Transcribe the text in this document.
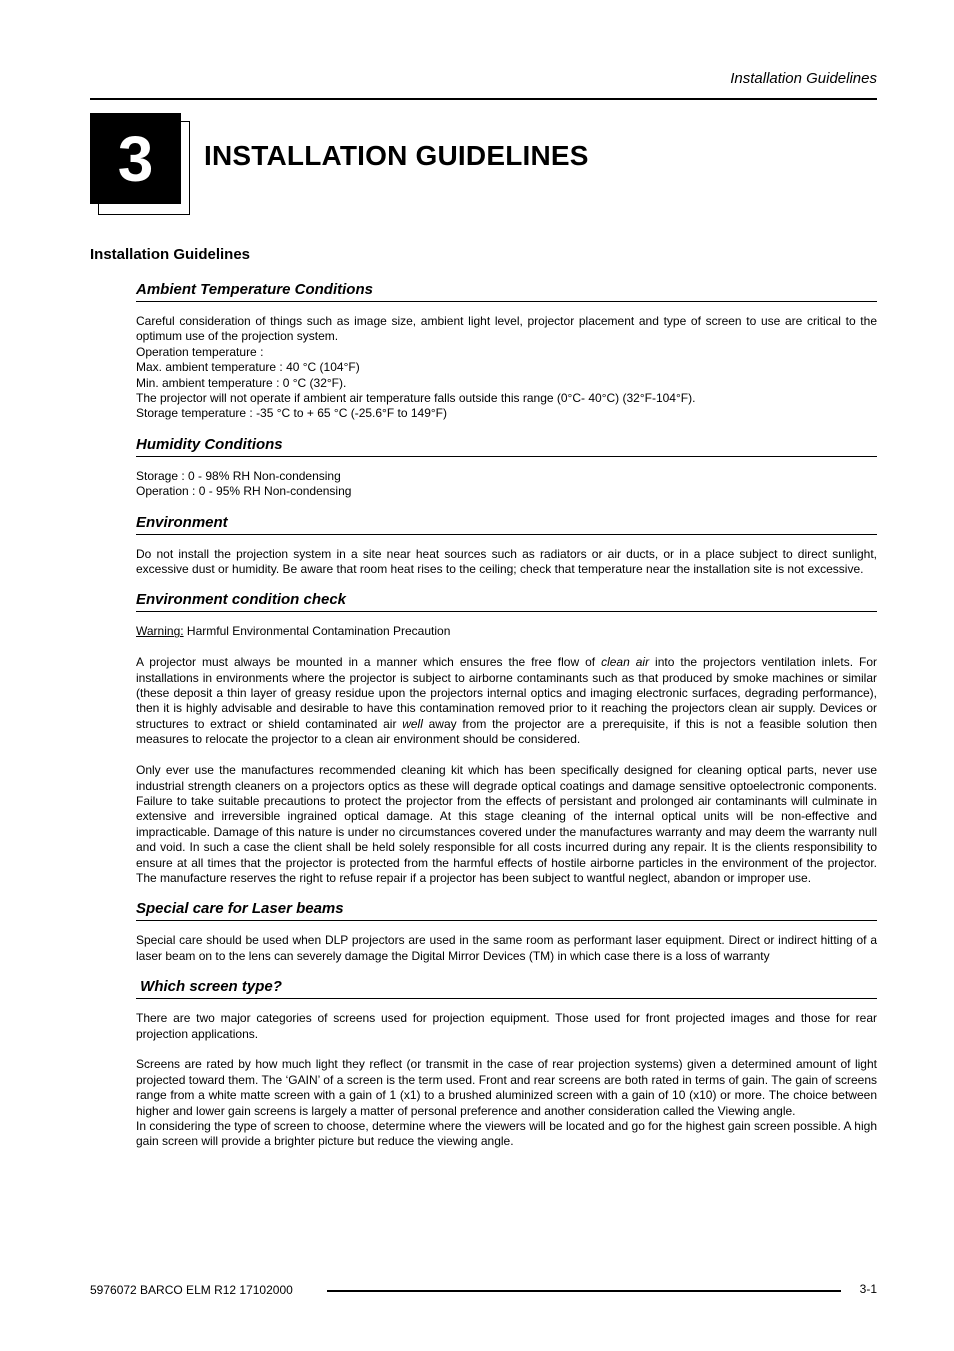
Installation Guidelines
3	INSTALLATION GUIDELINES
Installation Guidelines
Ambient Temperature Conditions

Careful consideration of things such as image size, ambient light level, projector placement and type of screen to use are critical to the optimum use of the projection system.

Operation temperature :

Max. ambient temperature : 40 °C (104°F)

Min. ambient temperature : 0 °C (32°F).

The projector will not operate if ambient air temperature falls outside this range (0°C- 40°C) (32°F-104°F).

Storage temperature : -35 °C to + 65 °C (-25.6°F to 149°F)

Humidity Conditions

Storage : 0 - 98% RH Non-condensing

Operation : 0 - 95% RH Non-condensing

Environment

Do not install the projection system in a site near heat sources such as radiators or air ducts, or in a place subject to direct sunlight, excessive dust or humidity. Be aware that room heat rises to the ceiling; check that temperature near the installation site is not excessive.

Environment condition check

Warning: Harmful Environmental Contamination Precaution

A projector must always be mounted in a manner which ensures the free flow of clean air into the projectors ventilation inlets. For installations in environments where the projector is subject to airborne contaminants such as that produced by smoke machines or similar (these deposit a thin layer of greasy residue upon the projectors internal optics and imaging electronic surfaces, degrading performance), then it is highly advisable and desirable to have this contamination removed prior to it reaching the projectors clean air supply. Devices or structures to extract or shield contaminated air well away from the projector are a prerequisite, if this is not a feasible solution then measures to relocate the projector to a clean air environment should be considered.

Only ever use the manufactures recommended cleaning kit which has been specifically designed for cleaning optical parts, never use industrial strength cleaners on a projectors optics as these will degrade optical coatings and damage sensitive optoelectronic components. Failure to take suitable precautions to protect the projector from the effects of persistant and prolonged air contaminants will culminate in extensive and irreversible ingrained optical damage. At this stage cleaning of the internal optical units will be non-effective and impracticable. Damage of this nature is under no circumstances covered under the manufactures warranty and may deem the warranty null and void. In such a case the client shall be held solely responsible for all costs incurred during any repair. It is the clients responsibility to ensure at all times that the projector is protected from the harmful effects of hostile airborne particles in the environment of the projector. The manufacture reserves the right to refuse repair if a projector has been subject to wantful neglect, abandon or improper use.

Special care for Laser beams

Special care should be used when DLP projectors are used in the same room as performant laser equipment. Direct or indirect hitting of a laser beam on to the lens can severely damage the Digital Mirror Devices (TM) in which case there is a loss of warranty

Which screen type?

There are two major categories of screens used for projection equipment. Those used for front projected images and those for rear projection applications.

Screens are rated by how much light they reflect (or transmit in the case of rear projection systems) given a determined amount of light projected toward them. The ‘GAIN’ of a screen is the term used. Front and rear screens are both rated in terms of gain. The gain of screens range from a white matte screen with a gain of 1 (x1) to a brushed aluminized screen with a gain of 10 (x10) or more. The choice between higher and lower gain screens is largely a matter of personal preference and another consideration called the Viewing angle.

In considering the type of screen to choose, determine where the viewers will be located and go for the highest gain screen possible. A high gain screen will provide a brighter picture but reduce the viewing angle.

5976072 BARCO ELM R12 17102000	3-1
